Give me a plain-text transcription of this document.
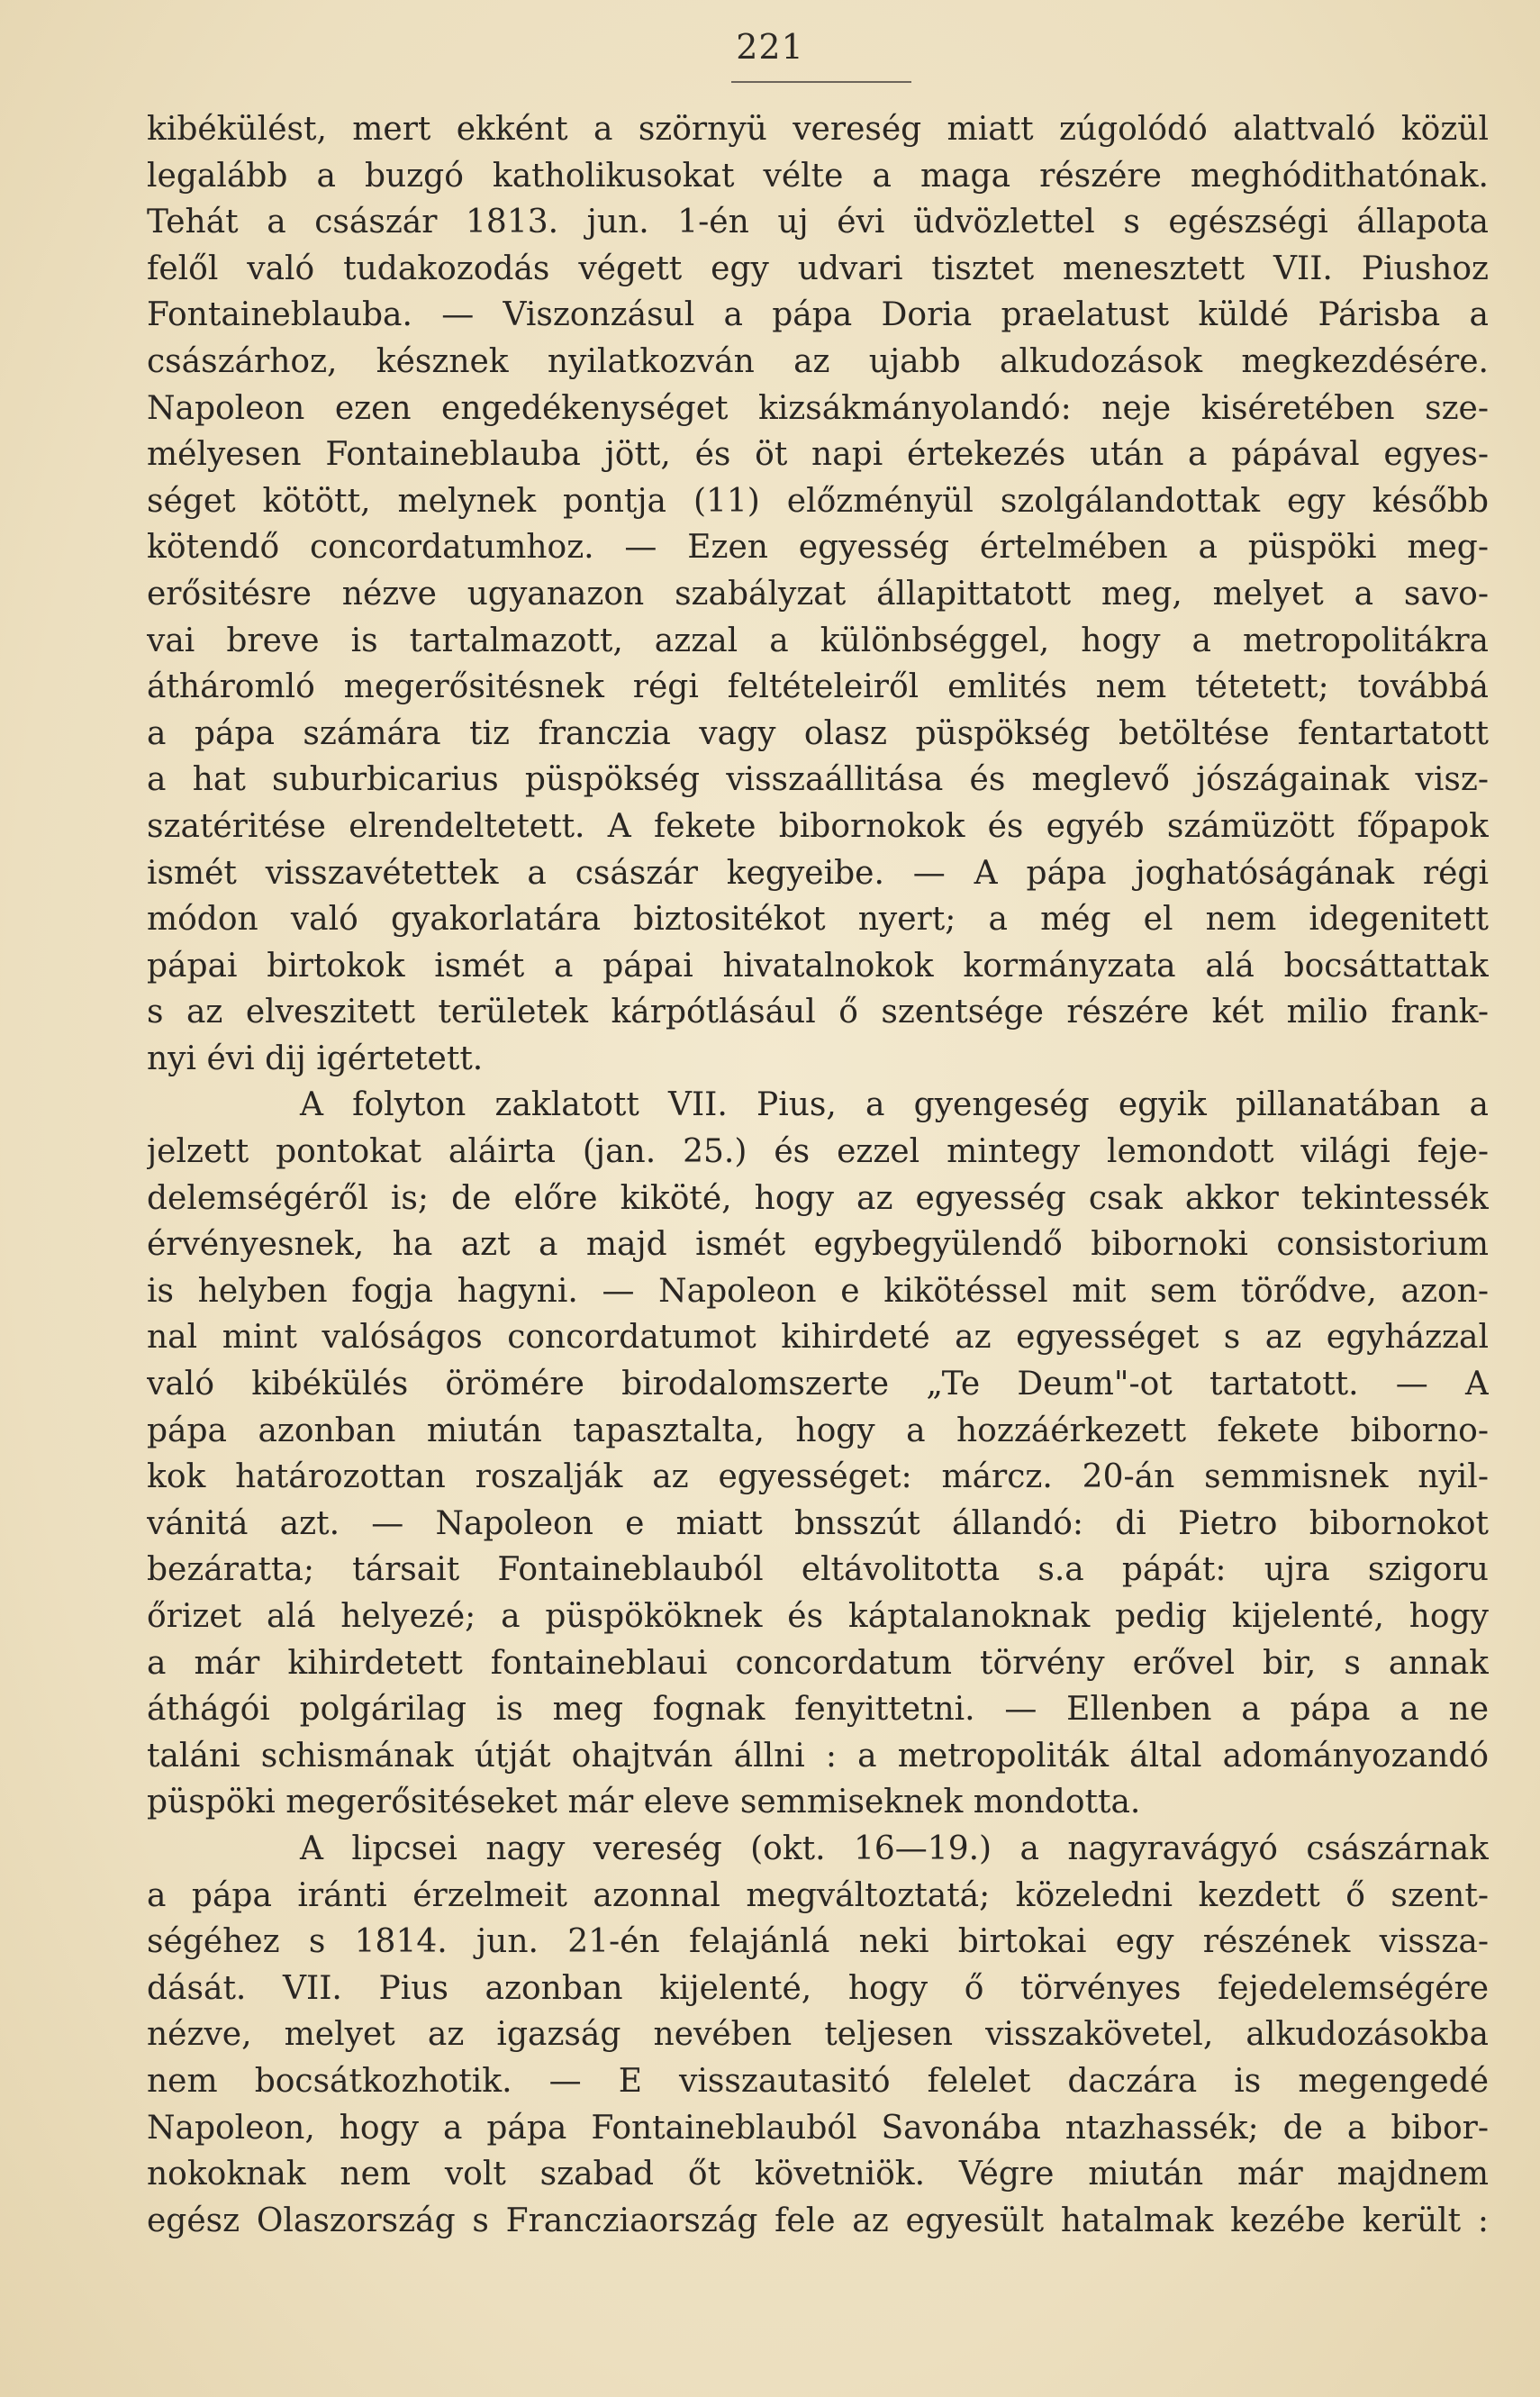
221
kibékülést, mert ekként a szörnyü vereség miatt zúgolódó alattvaló közül
legalább a buzgó katholikusokat vélte a maga részére meghódithatónak.
Tehát a császár 1813. jun. 1-én uj évi üdvözlettel s egészségi állapota
felől való tudakozodás végett egy udvari tisztet menesztett VII. Piushoz
Fontaineblauba. — Viszonzásul a pápa Doria praelatust küldé Párisba a
császárhoz, késznek nyilatkozván az ujabb alkudozások megkezdésére.
Napoleon ezen engedékenységet kizsákmányolandó: neje kiséretében sze-
mélyesen Fontaineblauba jött, és öt napi értekezés után a pápával egyes-
séget kötött, melynek pontja (11) előzményül szolgálandottak egy később
kötendő concordatumhoz. — Ezen egyesség értelmében a püspöki meg-
erősitésre nézve ugyanazon szabályzat állapittatott meg, melyet a savo-
vai breve is tartalmazott, azzal a különbséggel, hogy a metropolitákra
átháromló megerősitésnek régi feltételeiről emlités nem tétetett; továbbá
a pápa számára tiz franczia vagy olasz püspökség betöltése fentartatott
a hat suburbicarius püspökség visszaállitása és meglevő jószágainak visz-
szatéritése elrendeltetett. A fekete bibornokok és egyéb számüzött főpapok
ismét visszavétettek a császár kegyeibe. — A pápa joghatóságának régi
módon való gyakorlatára biztositékot nyert; a még el nem idegenitett
pápai birtokok ismét a pápai hivatalnokok kormányzata alá bocsáttattak
s az elveszitett területek kárpótlásául ő szentsége részére két milio frank-
nyi évi dij igértetett.
A folyton zaklatott VII. Pius, a gyengeség egyik pillanatában a
jelzett pontokat aláirta (jan. 25.) és ezzel mintegy lemondott világi feje-
delemségéről is; de előre kiköté, hogy az egyesség csak akkor tekintessék
érvényesnek, ha azt a majd ismét egybegyülendő bibornoki consistorium
is helyben fogja hagyni. — Napoleon e kikötéssel mit sem törődve, azon-
nal mint valóságos concordatumot kihirdeté az egyességet s az egyházzal
való kibékülés örömére birodalomszerte „Te Deum"-ot tartatott. — A
pápa azonban miután tapasztalta, hogy a hozzáérkezett fekete biborno-
kok határozottan roszalják az egyességet: márcz. 20-án semmisnek nyil-
vánitá azt. — Napoleon e miatt bnsszút állandó: di Pietro bibornokot
bezáratta; társait Fontaineblauból eltávolitotta s.a pápát: ujra szigoru
őrizet alá helyezé; a püspököknek és káptalanoknak pedig kijelenté, hogy
a már kihirdetett fontaineblaui concordatum törvény erővel bir, s annak
áthágói polgárilag is meg fognak fenyittetni. — Ellenben a pápa a ne
taláni schismának útját ohajtván állni : a metropoliták által adományozandó
püspöki megerősitéseket már eleve semmiseknek mondotta.
A lipcsei nagy vereség (okt. 16—19.) a nagyravágyó császárnak
a pápa iránti érzelmeit azonnal megváltoztatá; közeledni kezdett ő szent-
ségéhez s 1814. jun. 21-én felajánlá neki birtokai egy részének vissza-
dását. VII. Pius azonban kijelenté, hogy ő törvényes fejedelemségére
nézve, melyet az igazság nevében teljesen visszakövetel, alkudozásokba
nem bocsátkozhotik. — E visszautasitó felelet daczára is megengedé
Napoleon, hogy a pápa Fontaineblauból Savonába ntazhassék; de a bibor-
nokoknak nem volt szabad őt követniök. Végre miután már majdnem
egész Olaszország s Francziaország fele az egyesült hatalmak kezébe került :
